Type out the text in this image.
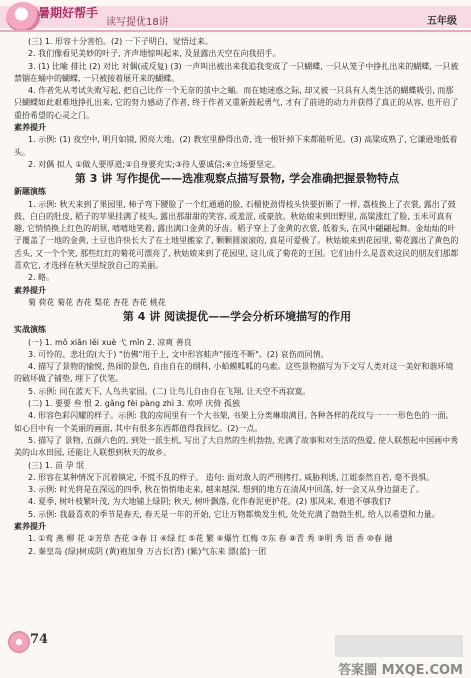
暑期好帮手
读写提优18讲	五年级

(三) 1. 形容十分害怕。(2) 一下子明白、觉悟过来。

2. 我们像看见美妙的叶子, 齐声地惊叫起来, 及显露出天空在向我招手。

3. (1) 比喻 排比 (2) 对比 对偶(或反复) (3) 一声叫出被出来我追我变成了一只蝴蝶, 一只从笼子中挣扎出来的蝴蝶, 一只被禁锢在蛹中的蝴蝶, 一只被接着展开来的蝴蝶。

4. 作者先从考试失败写起, 把自己比作一个无奈的茧中之蛹。而在她迷惑之际, 却又被一只具有人类生活的蝴蝶吸引, 而那只蝴蝶如此艰难地挣扎出来, 它的努力感动了作者, 终于作者又重新鼓起勇气, 才有了前进的动力并获得了真正的从容, 也开启了重拾希望的心灵之门。

素养提升

1. 示例: (1) 夜空中, 明月如镜, 照亮大地。(2) 教室里静得出奇, 连一根针掉下来都能听见。(3) 高粱成熟了, 它谦逊地低着头。

2. 对偶 拟人 ①做人要厚道;②自身要充实;③待人要诚信;④立场要坚定。

第 3 讲 写作提优——选准观察点描写景物, 学会准确把握景物特点

新题演练

1. 示例: 秋天来到了果园里, 柿子弯下腰脸了一个红通通的脸, 石榴使劲得枝头快要折断了一样, 荔枝换上了衣裳, 露出了鼓鼓、白白的肚皮, 稻子的苹果挂满了枝头, 露出那甜甜的笑容, 或羞涩, 或豪放。秋姑娘来到田野里, 高粱涨红了脸, 玉米可真有趣, 它悄悄换上红色的胡须, 嘻嘻地笑着, 露出满口金黄的牙齿。稻子穿上了金黄的衣裳, 低着头, 在风中翩翩起舞。金灿灿的叶子覆盖了一地的金黄, 土豆也许快长大了在土地里搬家了, 颗颗圆滚滚的, 真是可爱极了。秋姑娘来到花园里, 菊花露出了黄色的舌头, 又一个个笑, 那些红红的菊花可漂亮了, 秋姑娘来到了花园里, 这儿成了菊花的王国。它们由什么是喜欢这民的朋友们那都喜欢它, 才选择在秋天里绽放自己的美丽。

2. 略。

素养提升

菊 荷花 菊花 杏花 梨花 杏花 杏花 桃花

第 4 讲 阅读提优——学会分析环境描写的作用

实战演练

(一) 1. mǒ xiǎn lěi xuè 弋 mǐn 2. 凉爽 善良

3. 可怜的、悲壮的(大于) "仿佛"用于上, 文中形容蛙声"接连不断"。(2) 哀伤而同情。

4. 描写了景物的愉悦, 热闹的景色, 自由自在的纲科, 小蛤蟆呱呱的乌索。这些景物描写为下文写人类对这一美好和谐环境的破坏做了铺垫, 埋下了伏笔。

5. 示例: 同在蓝天下, 人鸟共家园。(二) 让鸟儿自由自在飞翔, 让天空不再寂寞。

(二) 1. 要要 叁 恨 2. gǎng fèi pàng zhì 3. 欢呼 庆倚 孤独

4. 形容色彩闪耀的样子。示例: 我的房间里有一个大书架, 书架上分类琳琅满目, 各种各样的花纹与一一一形色色的一面。如心目中有一个美丽的画面, 其中有很多东西都值得我回忆。(2)一点。

5. 描写了 景物, 五颜六色的, 到处一派生机, 写出了大自然的生机勃勃, 充满了故事和对生活的热爱, 使人联想起中国画中秀美的山水田园, 还能让人联想到秋天的故乡。

(三) 1. 苗 孕 氓

2. 形容在某种情况下沉着镇定, 不慌不乱的样子。 造句: 面对敌人的严刑拷打, 威胁利诱, 江姐泰然自若, 毫不畏惧。

3. 示例: 时光将是在深远的四季, 秋在悄悄地走来, 越来越深, 想到的地方在清风中回荡, 好一会又从身边溜走了。

4. 夏季, 树叶枝繁叶茂, 为大地铺上绿阴; 秋天, 树叶飘落, 化作春泥更护花。(2) 那风来, 难道不够我们?

5. 示例: 我最喜欢的季节是春天, 春天是一年的开始, 它让万物都焕发生机, 处处充满了勃勃生机, 给人以希望和力量。

素养提升

1. ①莺 燕 柳 花 ②芳草 杏花 ③春 日 ④绿 红 ⑤花 繁 ⑥爆竹 红梅 ⑦东 春 ⑧青 秀 ⑨明 秀 语 香 ⑩春 融

2. 秦皇岛 (绿)树成阴 (黄)袍加身 万古长(青) (紫)气东来 漂(蓝)一团

74
答案圈 MXQE.COM
